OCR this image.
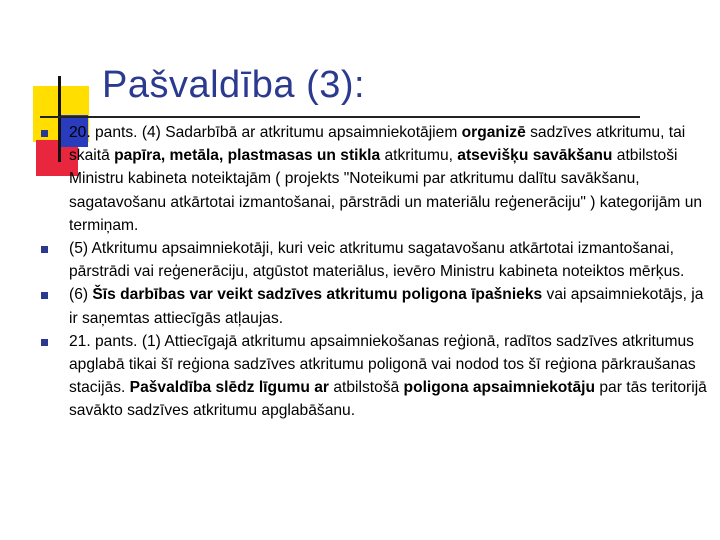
Pašvaldība (3):

20. pants. (4) Sadarbībā ar atkritumu apsaimniekotājiem organizē sadzīves atkritumu, tai skaitā papīra, metāla, plastmasas un stikla atkritumu, atsevišķu savākšanu atbilstoši Ministru kabineta noteiktajām ( projekts "Noteikumi par atkritumu dalītu savākšanu, sagatavošanu atkārtotai izmantošanai, pārstrādi un materiālu reģenerāciju" ) kategorijām un termiņam.

(5) Atkritumu apsaimniekotāji, kuri veic atkritumu sagatavošanu atkārtotai izmantošanai, pārstrādi vai reģenerāciju, atgūstot materiālus, ievēro Ministru kabineta noteiktos mērķus.

(6) Šīs darbības var veikt sadzīves atkritumu poligona īpašnieks vai apsaimniekotājs, ja ir saņemtas attiecīgās atļaujas.

21. pants. (1) Attiecīgajā atkritumu apsaimniekošanas reģionā, radītos sadzīves atkritumus apglabā tikai šī reģiona sadzīves atkritumu poligonā vai nodod tos šī reģiona pārkraušanas stacijās. Pašvaldība slēdz līgumu ar atbilstošā poligona apsaimniekotāju par tās teritorijā savākto sadzīves atkritumu apglabāšanu.
